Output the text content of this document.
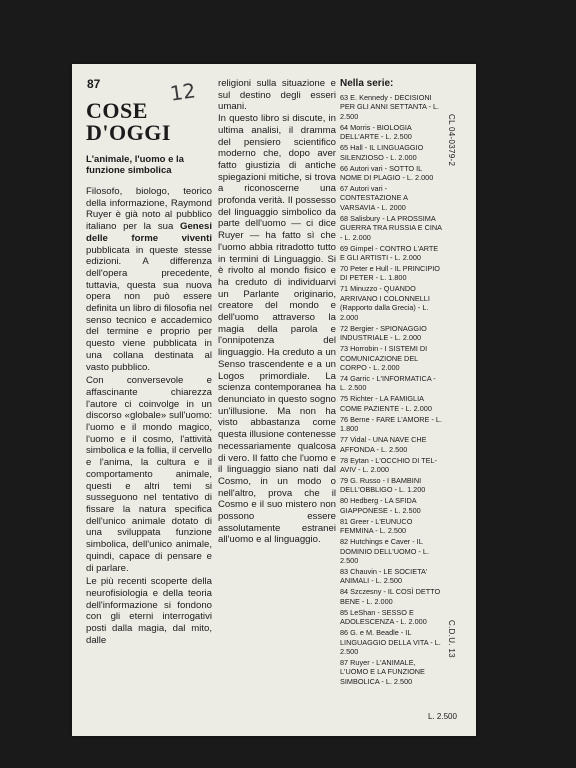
87	12
COSE
D'OGGI
L'animale, l'uomo e la funzione simbolica

Filosofo, biologo, teorico della informazione, Raymond Ruyer è già noto al pubblico italiano per la sua Genesi delle forme viventi pubblicata in queste stesse edizioni. A differenza dell'opera precedente, tuttavia, questa sua nuova opera non può essere definita un libro di filosofia nel senso tecnico e accademico del termine e proprio per questo viene pubblicata in una collana destinata al vasto pubblico.

Con conversevole e affascinante chiarezza l'autore ci coinvolge in un discorso «globale» sull'uomo: l'uomo e il mondo magico, l'uomo e il cosmo, l'attività simbolica e la follia, il cervello e l'anima, la cultura e il comportamento animale, questi e altri temi si susseguono nel tentativo di fissare la natura specifica dell'unico animale dotato di una sviluppata funzione simbolica, dell'unico animale, quindi, capace di pensare e di parlare.

Le più recenti scoperte della neurofisiologia e della teoria dell'informazione si fondono con gli eterni interrogativi posti dalla magia, dal mito, dalle

religioni sulla situazione e sul destino degli esseri umani.

In questo libro si discute, in ultima analisi, il dramma del pensiero scientifico moderno che, dopo aver fatto giustizia di antiche spiegazioni mitiche, si trova a riconoscerne una profonda verità. Il possesso del linguaggio simbolico da parte dell'uomo — ci dice Ruyer — ha fatto sì che l'uomo abbia ritradotto tutto in termini di Linguaggio. Si è rivolto al mondo fisico e ha creduto di individuarvi un Parlante originario, creatore del mondo e dell'uomo attraverso la magia della parola e l'onnipotenza del linguaggio. Ha creduto a un Senso trascendente e a un Logos primordiale. La scienza contemporanea ha denunciato in questo sogno un'illusione. Ma non ha visto abbastanza come questa illusione contenesse necessariamente qualcosa di vero. Il fatto che l'uomo e il linguaggio siano nati dal Cosmo, in un modo o nell'altro, prova che il Cosmo e il suo mistero non possono essere assolutamente estranei all'uomo e al linguaggio.

Nella serie:
63 E. Kennedy - DECISIONI PER GLI ANNI SETTANTA - L. 2.500
64 Morris - BIOLOGIA DELL'ARTE - L. 2.500
65 Hall - IL LINGUAGGIO SILENZIOSO - L. 2.000
66 Autori vari - SOTTO IL NOME DI PLAGIO - L. 2.000
67 Autori vari - CONTESTAZIONE A VARSAVIA - L. 2000
68 Salisbury - LA PROSSIMA GUERRA TRA RUSSIA E CINA - L. 2.000
69 Gimpel - CONTRO L'ARTE E GLI ARTISTI - L. 2.000
70 Peter e Hull - IL PRINCIPIO DI PETER - L. 1.800
71 Minuzzo - QUANDO ARRIVANO I COLONNELLI (Rapporto dalla Grecia) - L. 2.000
72 Bergier - SPIONAGGIO INDUSTRIALE - L. 2.000
73 Horrobin - I SISTEMI DI COMUNICAZIONE DEL CORPO - L. 2.000
74 Garric - L'INFORMATICA - L. 2.500
75 Richter - LA FAMIGLIA COME PAZIENTE - L. 2.000
76 Berne - FARE L'AMORE - L. 1.800
77 Vidal - UNA NAVE CHE AFFONDA - L. 2.500
78 Eytan - L'OCCHIO DI TEL-AVIV - L. 2.000
79 G. Russo - I BAMBINI DELL'OBBLIGO - L. 1.200
80 Hedberg - LA SFIDA GIAPPONESE - L. 2.500
81 Greer - L'EUNUCO FEMMINA - L. 2.500
82 Hutchings e Caver - IL DOMINIO DELL'UOMO - L. 2.500
83 Chauvin - LE SOCIETA' ANIMALI - L. 2.500
84 Szczesny - IL COSÌ DETTO BENE - L. 2.000
85 LeShan - SESSO E ADOLESCENZA - L. 2.000
86 G. e M. Beadle - IL LINGUAGGIO DELLA VITA - L. 2.500
87 Ruyer - L'ANIMALE, L'UOMO E LA FUNZIONE SIMBOLICA - L. 2.500
CL 04-0379-2
C.D.U. 13
L. 2.500
